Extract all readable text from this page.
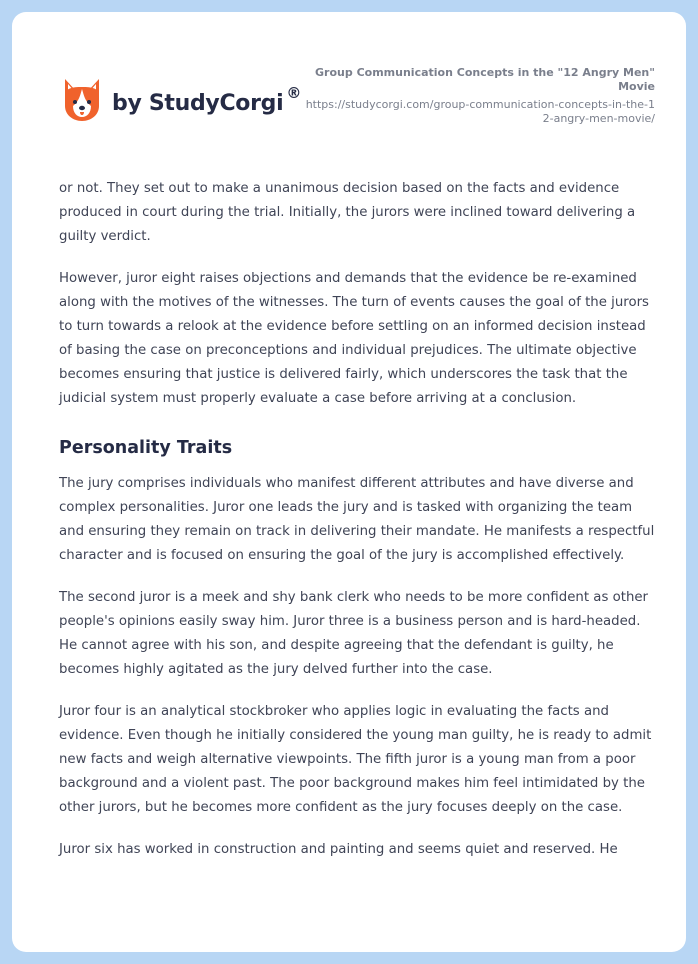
by StudyCorgi ®

Group Communication Concepts in the "12 Angry Men" Movie

https://studycorgi.com/group-communication-concepts-in-the-12-angry-men-movie/

or not. They set out to make a unanimous decision based on the facts and evidence produced in court during the trial. Initially, the jurors were inclined toward delivering a guilty verdict.

However, juror eight raises objections and demands that the evidence be re-examined along with the motives of the witnesses. The turn of events causes the goal of the jurors to turn towards a relook at the evidence before settling on an informed decision instead of basing the case on preconceptions and individual prejudices. The ultimate objective becomes ensuring that justice is delivered fairly, which underscores the task that the judicial system must properly evaluate a case before arriving at a conclusion.

Personality Traits

The jury comprises individuals who manifest different attributes and have diverse and complex personalities. Juror one leads the jury and is tasked with organizing the team and ensuring they remain on track in delivering their mandate. He manifests a respectful character and is focused on ensuring the goal of the jury is accomplished effectively.

The second juror is a meek and shy bank clerk who needs to be more confident as other people's opinions easily sway him. Juror three is a business person and is hard-headed. He cannot agree with his son, and despite agreeing that the defendant is guilty, he becomes highly agitated as the jury delved further into the case.

Juror four is an analytical stockbroker who applies logic in evaluating the facts and evidence. Even though he initially considered the young man guilty, he is ready to admit new facts and weigh alternative viewpoints. The fifth juror is a young man from a poor background and a violent past. The poor background makes him feel intimidated by the other jurors, but he becomes more confident as the jury focuses deeply on the case.

Juror six has worked in construction and painting and seems quiet and reserved. He
